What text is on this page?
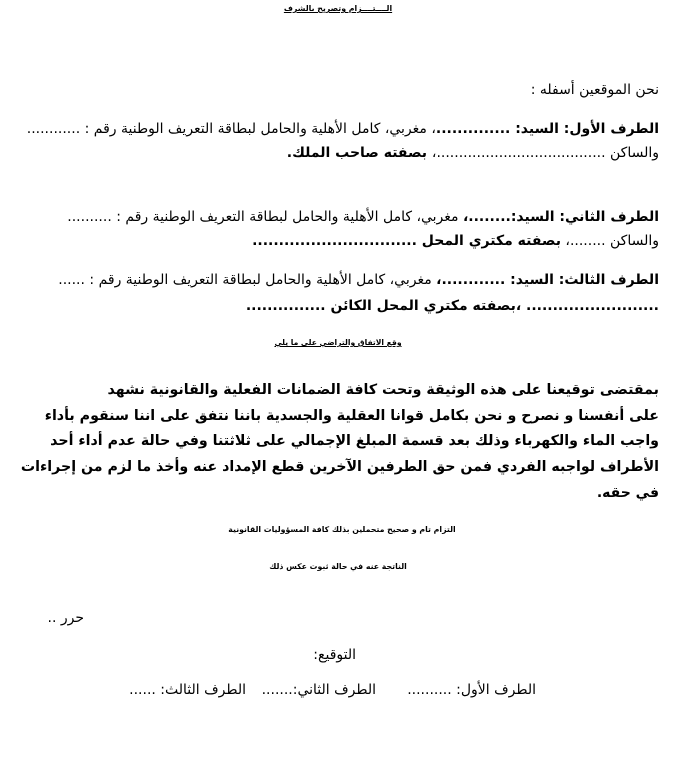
الــــتــــزام وتصريح بالشرف
نحن الموقعين أسفله :
الطرف الأول: السيد: ..............، مغربي، كامل الأهلية والحامل لبطاقة التعريف الوطنية رقم : ............
والساكن ......................................، بصفته صاحب الملك.
الطرف الثاني: السيد:........، مغربي، كامل الأهلية والحامل لبطاقة التعريف الوطنية رقم : ..........
والساكن ........، بصفته مكتري المحل ...............................
الطرف الثالث: السيد: ............، مغربي، كامل الأهلية والحامل لبطاقة التعريف الوطنية رقم : ......
......................... ،بصفته مكتري المحل الكائن ...............
وقع الاتفاق والتراضي على ما يلي
بمقتضى توقيعنا على هذه الوثيقة وتحت كافة الضمانات الفعلية والقانونية نشهد
على أنفسنا و نصرح و نحن بكامل قوانا العقلية والجسدية باننا نتفق على اننا سنقوم بأداء
واجب الماء والكهرباء وذلك بعد قسمة المبلغ الإجمالي على ثلاثتنا وفي حالة عدم أداء أحد
الأطراف لواجبه الفردي فمن حق الطرفين الآخرين قطع الإمداد عنه وأخذ ما لزم من إجراءات
في حقه.
التزام تام و صحيح متحملين بذلك كافة المسؤوليات القانونية
الناتجة عنه في حالة ثبوت عكس ذلك
حرر ..
التوقيع:
الطرف الأول: ..........
الطرف الثاني:.......
الطرف الثالث: ......
